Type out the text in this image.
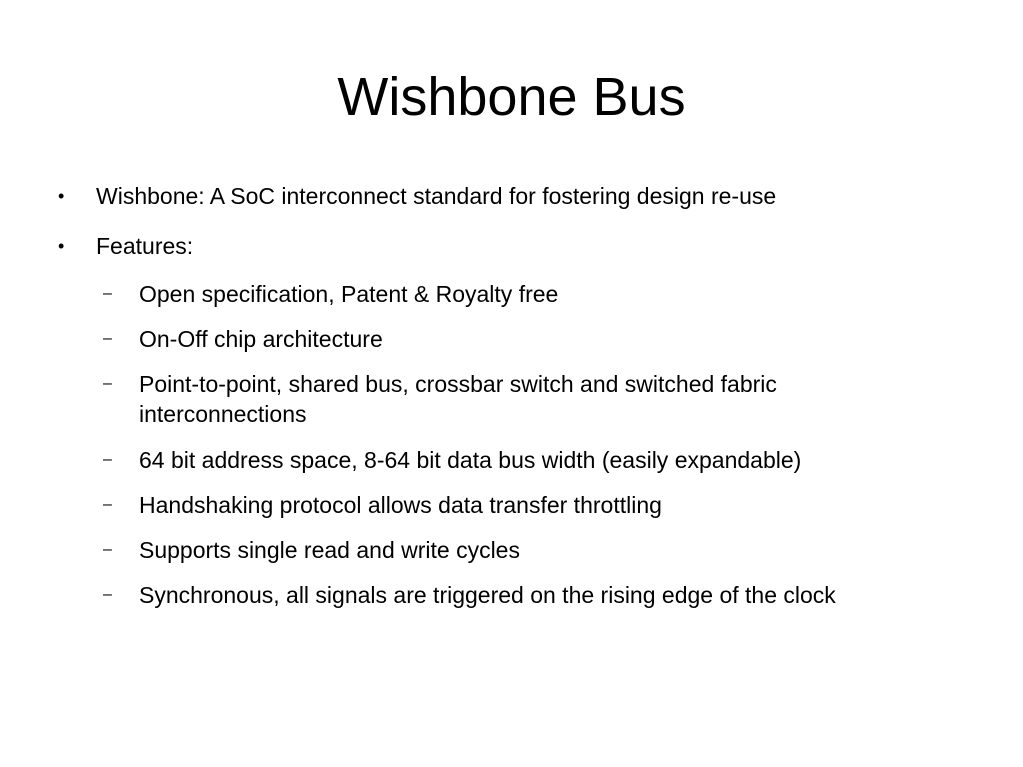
Wishbone Bus
•	Wishbone: A SoC interconnect standard for fostering design re-use
•	Features:
–	Open specification, Patent & Royalty free
–	On-Off chip architecture
–	Point-to-point, shared bus, crossbar switch and switched fabric interconnections
–	64 bit address space, 8-64 bit data bus width (easily expandable)
–	Handshaking protocol allows data transfer throttling
–	Supports single read and write cycles
–	Synchronous, all signals are triggered on the rising edge of the clock
